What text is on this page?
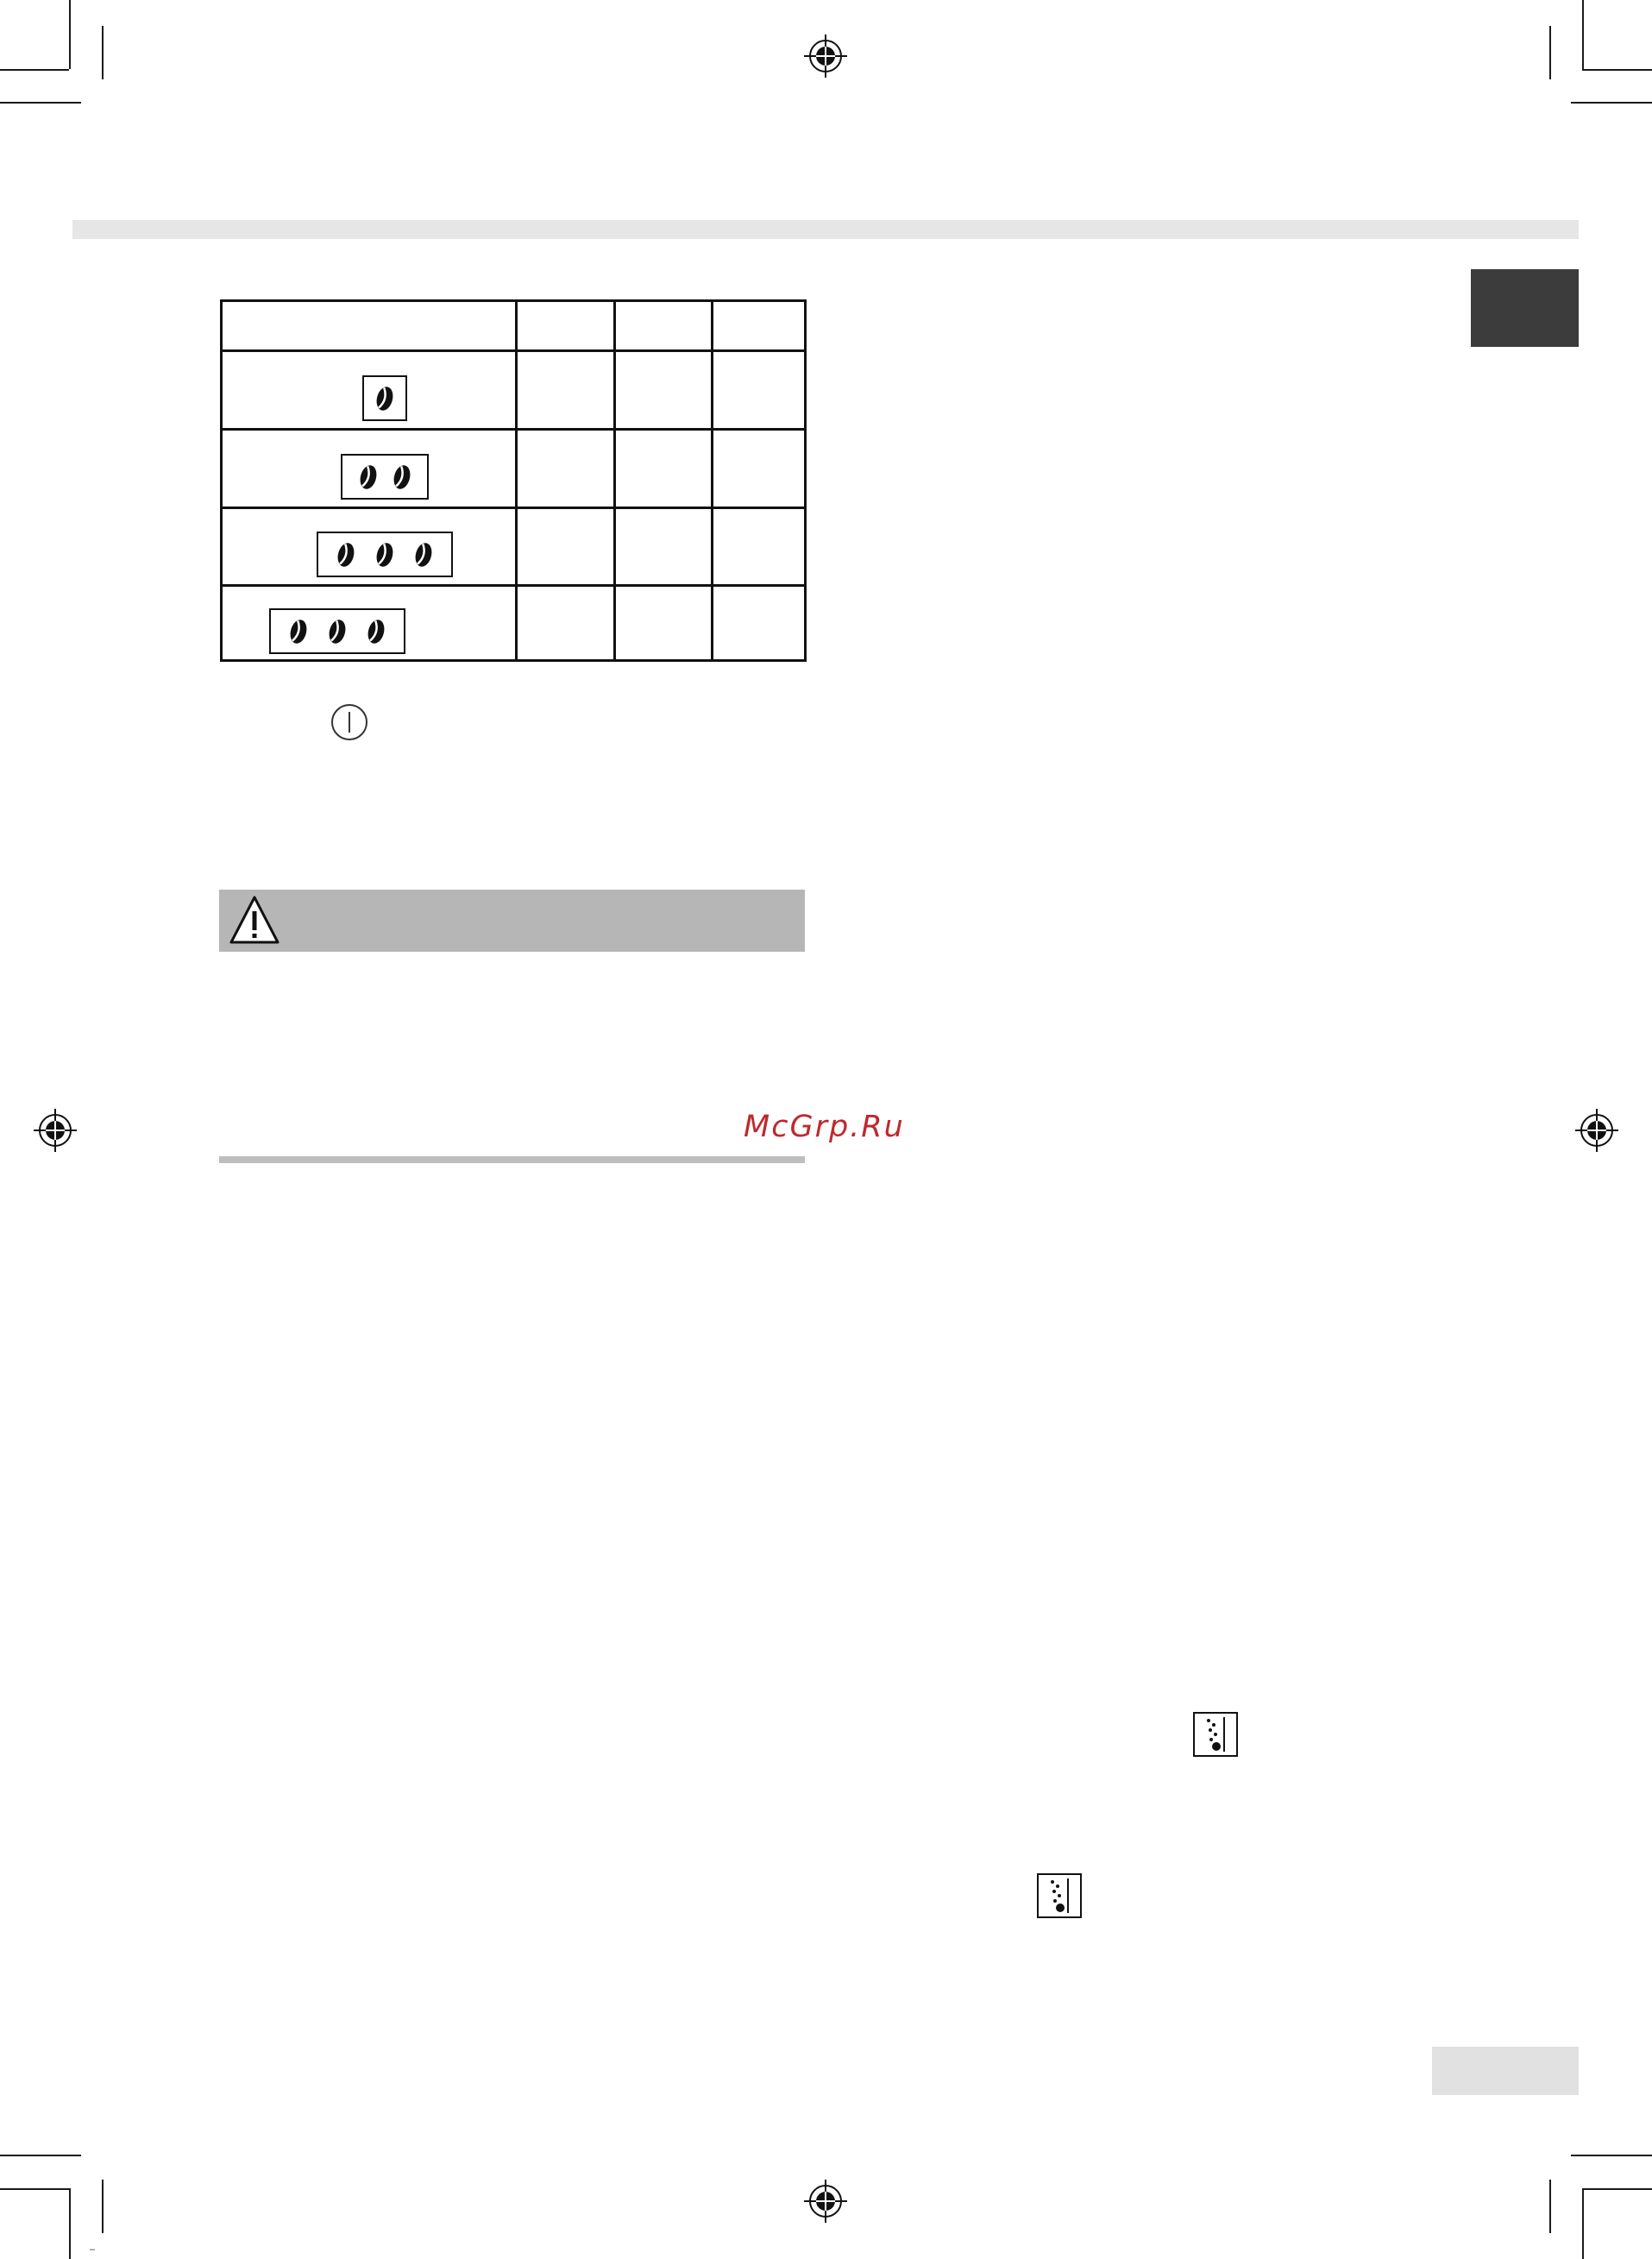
McGrp.Ru
…
